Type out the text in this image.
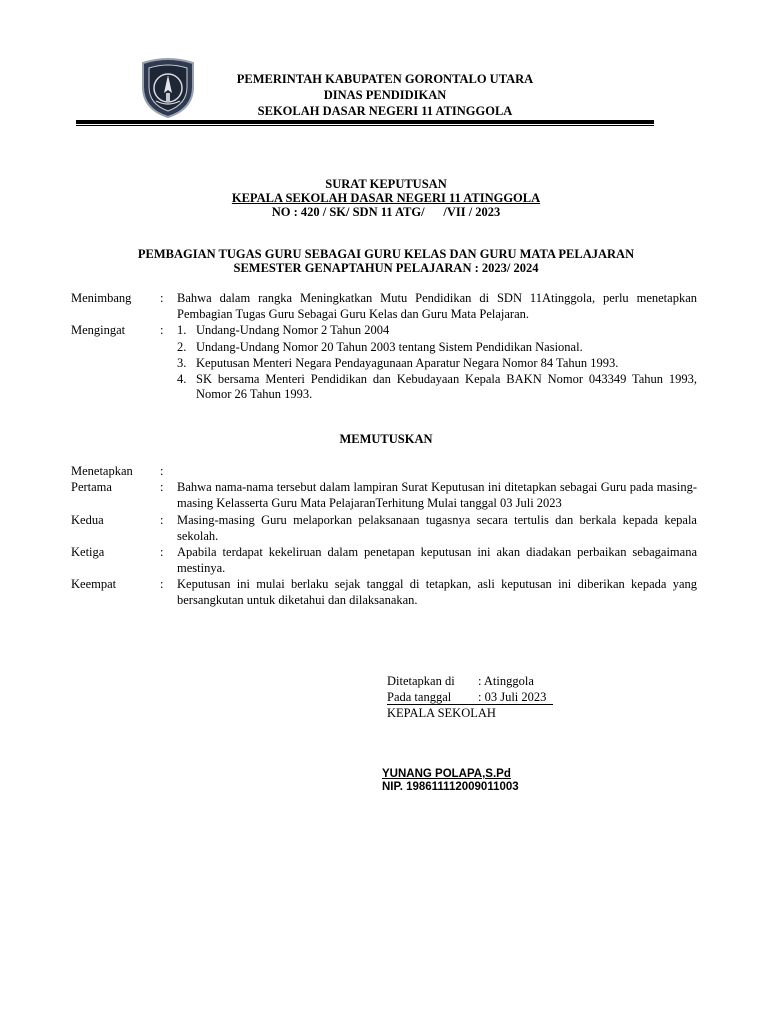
PEMERINTAH KABUPATEN GORONTALO UTARA
DINAS PENDIDIKAN
SEKOLAH DASAR NEGERI 11 ATINGGOLA
SURAT KEPUTUSAN
KEPALA SEKOLAH DASAR NEGERI 11 ATINGGOLA
NO : 420 / SK/ SDN 11 ATG/      /VII / 2023
PEMBAGIAN TUGAS GURU SEBAGAI GURU KELAS DAN GURU MATA PELAJARAN
SEMESTER GENAPTAHUN PELAJARAN : 2023/ 2024
Menimbang : Bahwa dalam rangka Meningkatkan Mutu Pendidikan di SDN 11Atinggola, perlu menetapkan Pembagian Tugas Guru Sebagai Guru Kelas dan Guru Mata Pelajaran.
Mengingat	: 1. Undang-Undang Nomor 2 Tahun 2004
2. Undang-Undang Nomor 20 Tahun 2003 tentang Sistem Pendidikan Nasional.
3. Keputusan Menteri Negara Pendayagunaan Aparatur Negara Nomor 84 Tahun 1993.
4. SK bersama Menteri Pendidikan dan Kebudayaan Kepala BAKN Nomor 043349 Tahun 1993, Nomor 26 Tahun 1993.
MEMUTUSKAN
Menetapkan :
Pertama	: Bahwa nama-nama tersebut dalam lampiran Surat Keputusan ini ditetapkan sebagai Guru pada masing-masing Kelasserta Guru Mata PelajaranTerhitung Mulai tanggal 03 Juli 2023
Kedua	: Masing-masing Guru melaporkan pelaksanaan tugasnya secara tertulis dan berkala kepada kepala sekolah.
Ketiga	: Apabila terdapat kekeliruan dalam penetapan keputusan ini akan diadakan perbaikan sebagaimana mestinya.
Keempat	: Keputusan ini mulai berlaku sejak tanggal di tetapkan, asli keputusan ini diberikan kepada yang bersangkutan untuk diketahui dan dilaksanakan.
Ditetapkan di : Atinggola
Pada tanggal : 03 Juli 2023
KEPALA SEKOLAH
YUNANG POLAPA,S.Pd
NIP. 198611112009011003
